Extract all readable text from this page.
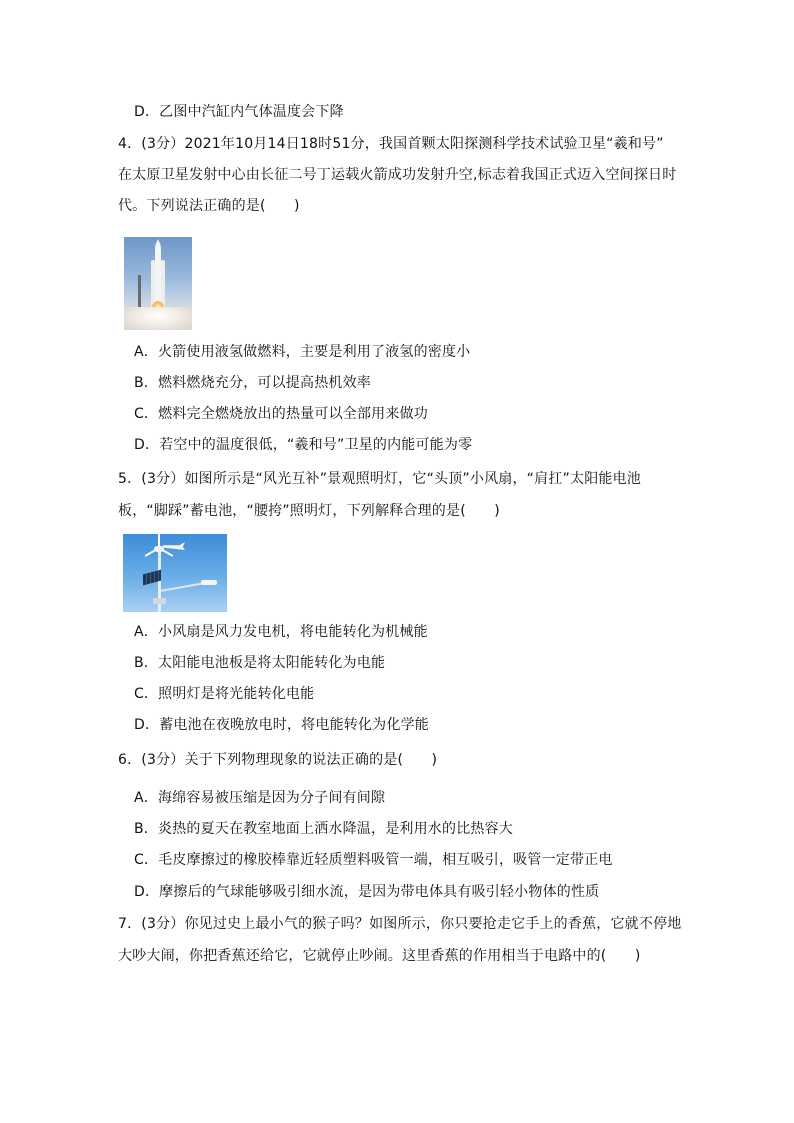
D．乙图中汽缸内气体温度会下降
4．(3分）2021年10月14日18时51分，我国首颗太阳探测科学技术试验卫星“羲和号”
在太原卫星发射中心由长征二号丁运载火箭成功发射升空,标志着我国正式迈入空间探日时
代。下列说法正确的是(　　)
A．火箭使用液氢做燃料，主要是利用了液氢的密度小
B．燃料燃烧充分，可以提高热机效率
C．燃料完全燃烧放出的热量可以全部用来做功
D．若空中的温度很低，“羲和号”卫星的内能可能为零
5．(3分）如图所示是“风光互补”景观照明灯，它“头顶”小风扇，“肩扛”太阳能电池
板，“脚踩”蓄电池，“腰挎”照明灯，下列解释合理的是(　　)
A．小风扇是风力发电机，将电能转化为机械能
B．太阳能电池板是将太阳能转化为电能
C．照明灯是将光能转化电能
D．蓄电池在夜晚放电时，将电能转化为化学能
6．(3分）关于下列物理现象的说法正确的是(　　)
A．海绵容易被压缩是因为分子间有间隙
B．炎热的夏天在教室地面上洒水降温，是利用水的比热容大
C．毛皮摩擦过的橡胶棒靠近轻质塑料吸管一端，相互吸引，吸管一定带正电
D．摩擦后的气球能够吸引细水流，是因为带电体具有吸引轻小物体的性质
7．(3分）你见过史上最小气的猴子吗？如图所示，你只要抢走它手上的香蕉，它就不停地
大吵大闹，你把香蕉还给它，它就停止吵闹。这里香蕉的作用相当于电路中的(　　)
